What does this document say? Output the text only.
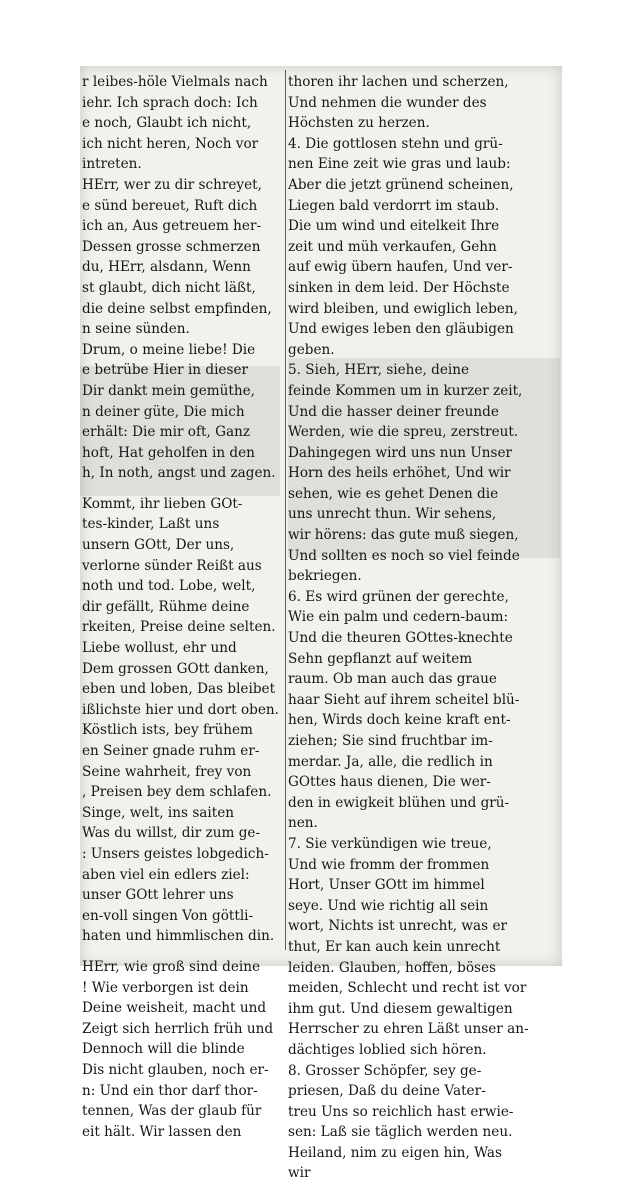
r leibes-höle Vielmals nach
iehr. Ich sprach doch: Ich
e noch, Glaubt ich nicht,
ich nicht heren, Noch vor
intreten.
HErr, wer zu dir schreyet,
e sünd bereuet, Ruft dich
ich an, Aus getreuem her-
Dessen grosse schmerzen
du, HErr, alsdann, Wenn
st glaubt, dich nicht läßt,
die deine selbst empfinden,
n seine sünden.
Drum, o meine liebe! Die
e betrübe Hier in dieser
Dir dankt mein gemüthe,
n deiner güte, Die mich
erhält: Die mir oft, Ganz
hoft, Hat geholfen in den
h, In noth, angst und zagen.
Kommt, ihr lieben GOt-
tes-kinder, Laßt uns
unsern GOtt, Der uns,
verlorne sünder Reißt aus
noth und tod. Lobe, welt,
dir gefällt, Rühme deine
rkeiten, Preise deine selten.
Liebe wollust, ehr und
Dem grossen GOtt danken,
eben und loben, Das bleibet
ißlichste hier und dort oben.
Köstlich ists, bey frühem
en Seiner gnade ruhm er-
Seine wahrheit, frey von
, Preisen bey dem schlafen.
Singe, welt, ins saiten
Was du willst, dir zum ge-
: Unsers geistes lobgedich-
aben viel ein edlers ziel:
unser GOtt lehrer uns
en-voll singen Von göttli-
haten und himmlischen din.
HErr, wie groß sind deine
! Wie verborgen ist dein
Deine weisheit, macht und
Zeigt sich herrlich früh und
Dennoch will die blinde
Dis nicht glauben, noch er-
n: Und ein thor darf thor-
tennen, Was der glaub für
eit hält. Wir lassen den
thoren ihr lachen und scherzen,
Und nehmen die wunder des
Höchsten zu herzen.
4. Die gottlosen stehn und grü-
nen Eine zeit wie gras und laub:
Aber die jetzt grünend scheinen,
Liegen bald verdorrt im staub.
Die um wind und eitelkeit Ihre
zeit und müh verkaufen, Gehn
auf ewig übern haufen, Und ver-
sinken in dem leid. Der Höchste
wird bleiben, und ewiglich leben,
Und ewiges leben den gläubigen
geben.
5. Sieh, HErr, siehe, deine
feinde Kommen um in kurzer zeit,
Und die hasser deiner freunde
Werden, wie die spreu, zerstreut.
Dahingegen wird uns nun Unser
Horn des heils erhöhet, Und wir
sehen, wie es gehet Denen die
uns unrecht thun. Wir sehens,
wir hörens: das gute muß siegen,
Und sollten es noch so viel feinde
bekriegen.
6. Es wird grünen der gerechte,
Wie ein palm und cedern-baum:
Und die theuren GOttes-knechte
Sehn gepflanzt auf weitem
raum. Ob man auch das graue
haar Sieht auf ihrem scheitel blü-
hen, Wirds doch keine kraft ent-
ziehen; Sie sind fruchtbar im-
merdar. Ja, alle, die redlich in
GOttes haus dienen, Die wer-
den in ewigkeit blühen und grü-
nen.
7. Sie verkündigen wie treue,
Und wie fromm der frommen
Hort, Unser GOtt im himmel
seye. Und wie richtig all sein
wort, Nichts ist unrecht, was er
thut, Er kan auch kein unrecht
leiden. Glauben, hoffen, böses
meiden, Schlecht und recht ist vor
ihm gut. Und diesem gewaltigen
Herrscher zu ehren Läßt unser an-
dächtiges loblied sich hören.
8. Grosser Schöpfer, sey ge-
priesen, Daß du deine Vater-
treu Uns so reichlich hast erwie-
sen: Laß sie täglich werden neu.
Heiland, nim zu eigen hin, Was
wir
